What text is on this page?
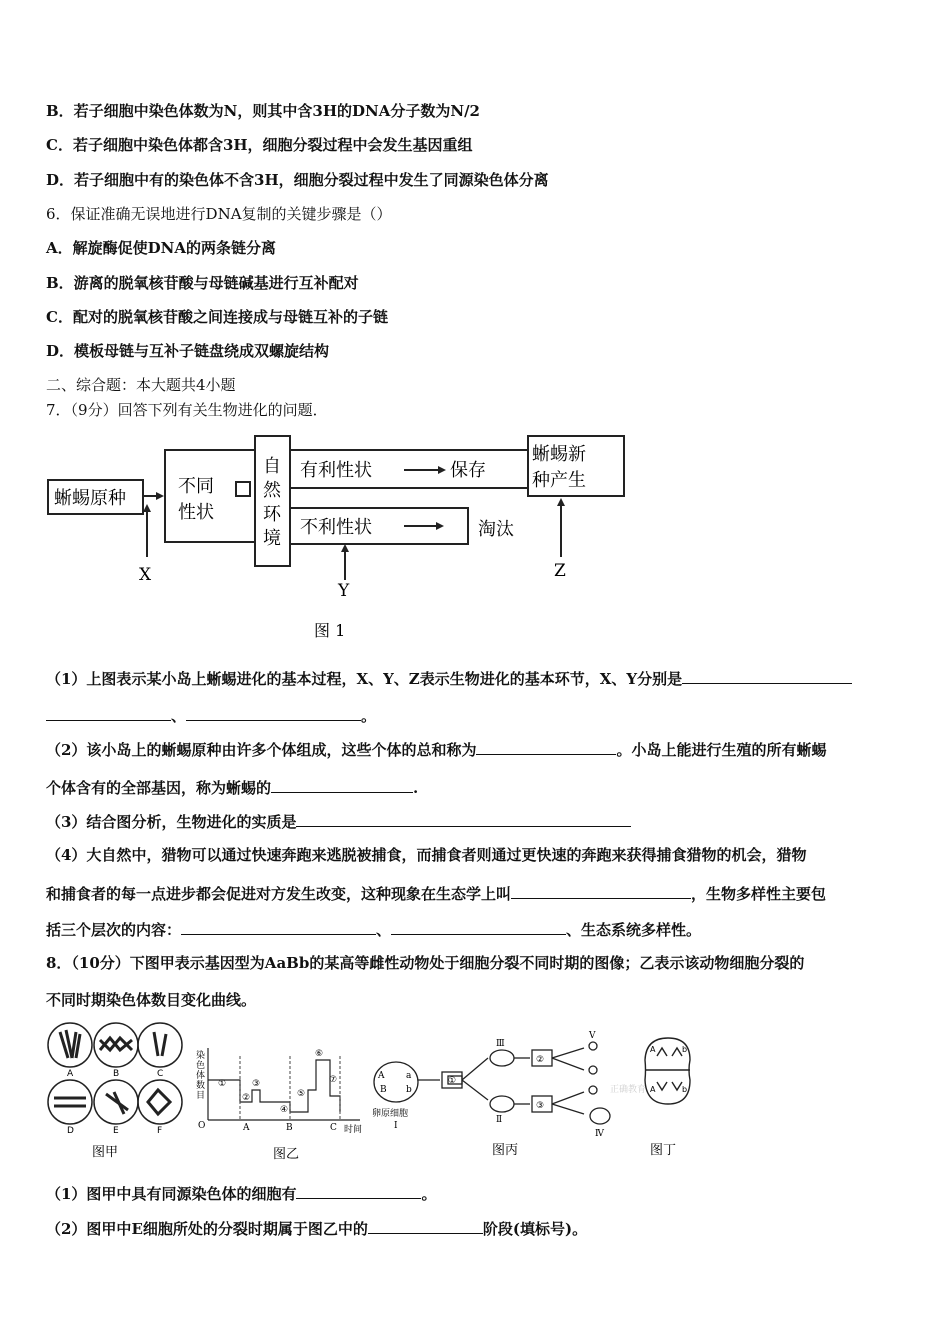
B．若子细胞中染色体数为N，则其中含3H的DNA分子数为N/2
C．若子细胞中染色体都含3H，细胞分裂过程中会发生基因重组
D．若子细胞中有的染色体不含3H，细胞分裂过程中发生了同源染色体分离
6．保证准确无误地进行DNA复制的关键步骤是（）
A．解旋酶促使DNA的两条链分离
B．游离的脱氧核苷酸与母链碱基进行互补配对
C．配对的脱氧核苷酸之间连接成与母链互补的子链
D．模板母链与互补子链盘绕成双螺旋结构
二、综合题：本大题共4小题
7．（9分）回答下列有关生物进化的问题．
蜥蜴原种
不同
性状
自
然
环
境
有利性状	保存
不利性状	淘汰
蜥蜴新
种产生
X
Y
Z
图 1
（1）上图表示某小岛上蜥蜴进化的基本过程，X、Y、Z表示生物进化的基本环节，X、Y分别是
、	。
（2）该小岛上的蜥蜴原种由许多个体组成，这些个体的总和称为	。小岛上能进行生殖的所有蜥蜴
个体含有的全部基因，称为蜥蜴的	.
（3）结合图分析，生物进化的实质是
（4）大自然中，猎物可以通过快速奔跑来逃脱被捕食，而捕食者则通过更快速的奔跑来获得捕食猎物的机会，猎物
和捕食者的每一点进步都会促进对方发生改变，这种现象在生态学上叫	，生物多样性主要包
括三个层次的内容：	、	、生态系统多样性。
8．（10分）下图甲表示基因型为AaBb的某高等雌性动物处于细胞分裂不同时期的图像；乙表示该动物细胞分裂的
不同时期染色体数目变化曲线。
A	B	C
D	E	F
图甲
染
色
体
数
目
O	A	B	C 时间
①
②
③
④
⑤
⑥
⑦
图乙
A a
B b
卵原细胞
Ⅰ
Ⅱ
Ⅲ
Ⅳ
Ⅴ
①
②
③
图丙
正确教育
A	b
A	b
图丁
（1）图甲中具有同源染色体的细胞有	。
（2）图甲中E细胞所处的分裂时期属于图乙中的	阶段(填标号)。
